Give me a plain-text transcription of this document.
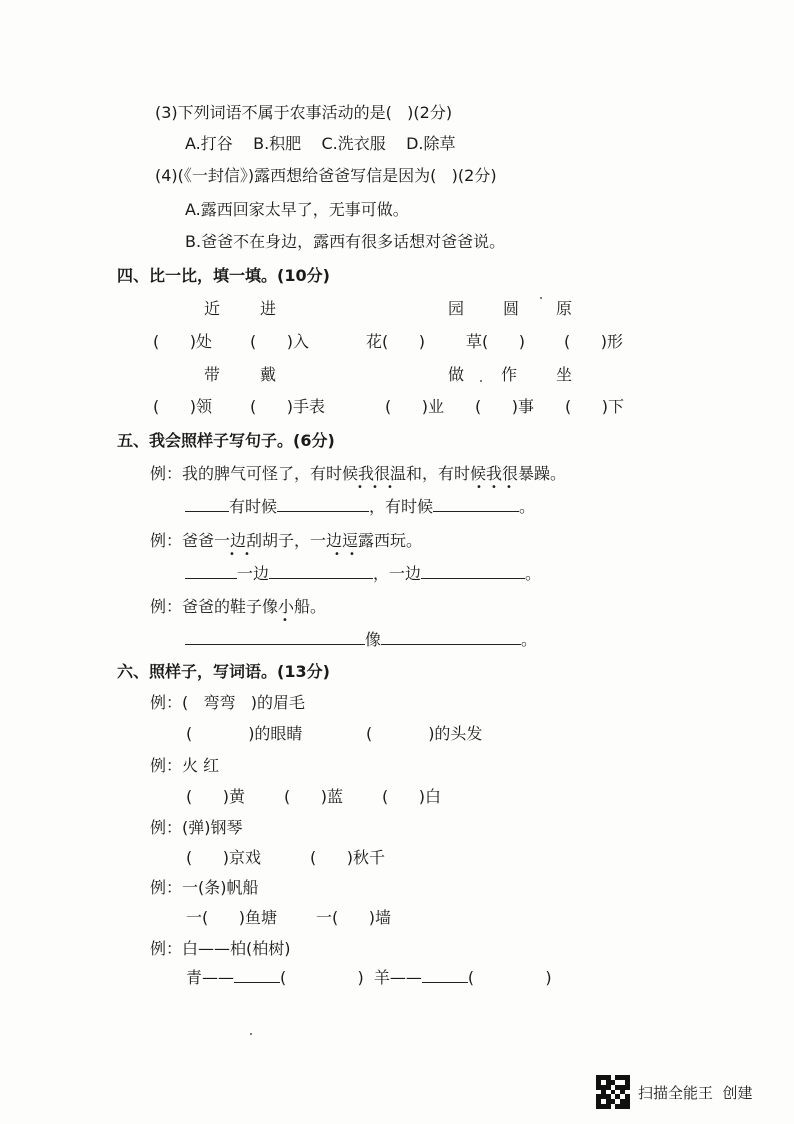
(3)下列词语不属于农事活动的是(   )(2分)
A.打谷    B.积肥    C.洗衣服    D.除草
(4)(《一封信》)露西想给爸爸写信是因为(   )(2分)
A.露西回家太早了，无事可做。
B.爸爸不在身边，露西有很多话想对爸爸说。
四、比一比，填一填。(10分)
近 进	园 圆 原
(      )处 (      )入	花(      )	草(      ) (      )形
带 戴	做 作 坐
(      )领 (      )手表	(      )业 (      )事 (      )下
五、我会照样子写句子。(6分)
例：我的脾气可怪了，有时候我很温和，有时候我很暴躁。
• • •	• • •
有时候	，有时候	。
例：爸爸一边刮胡子，一边逗露西玩。
• •	• •
一边	，一边	。
例：爸爸的鞋子像小船。
•
像	。
六、照样子，写词语。(13分)
例：(   弯弯   )的眉毛
(           )的眼睛	(           )的头发
例：火 红
(      )黄 (      )蓝 (      )白
例：(弹)钢琴
(      )京戏	(      )秋千
例：一(条)帆船
一(      )鱼塘 一(      )墙
例：白——柏(柏树)
青——	(              ) 羊——	(              )
扫描全能王  创建
